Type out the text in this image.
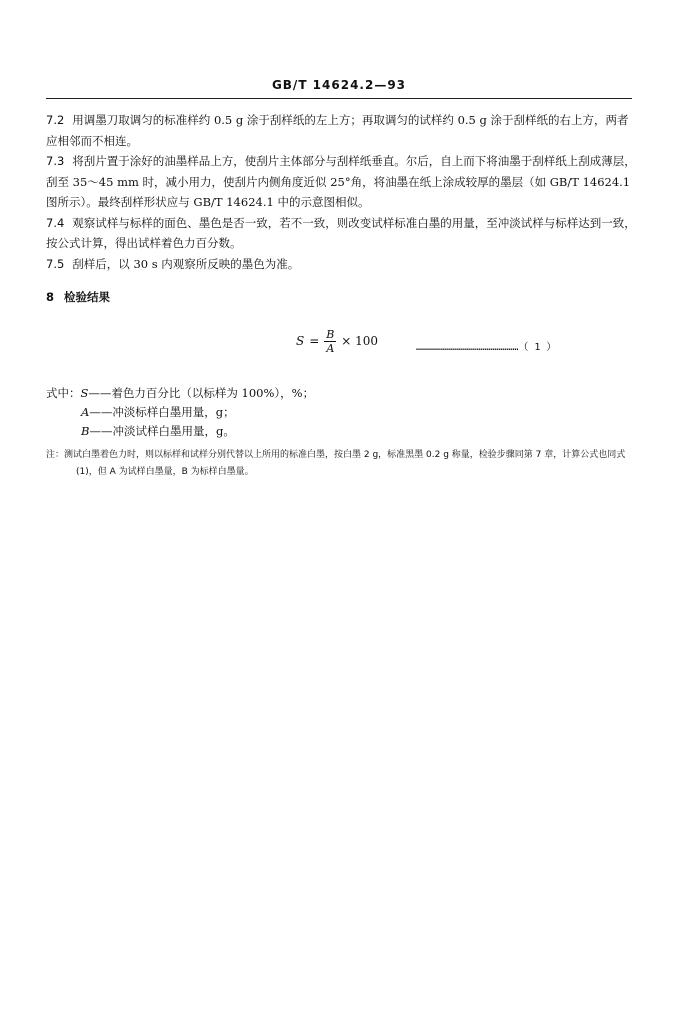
GB/T 14624.2—93

7.2 用调墨刀取调匀的标准样约 0.5 g 涂于刮样纸的左上方；再取调匀的试样约 0.5 g 涂于刮样纸的右上方，两者应相邻而不相连。

7.3 将刮片置于涂好的油墨样品上方，使刮片主体部分与刮样纸垂直。尔后，自上而下将油墨于刮样纸上刮成薄层，刮至 35～45 mm 时，减小用力，使刮片内侧角度近似 25°角，将油墨在纸上涂成较厚的墨层（如 GB/T 14624.1 图所示）。最终刮样形状应与 GB/T 14624.1 中的示意图相似。

7.4 观察试样与标样的面色、墨色是否一致，若不一致，则改变试样标准白墨的用量，至冲淡试样与标样达到一致，按公式计算，得出试样着色力百分数。

7.5 刮样后，以 30 s 内观察所反映的墨色为准。

8 检验结果
$S = \frac{B}{A} \times 100$	……………………………………………（ 1 ）

式中：S——着色力百分比（以标样为 100%），%；

A——冲淡标样白墨用量，g；

B——冲淡试样白墨用量，g。

注：测试白墨着色力时，则以标样和试样分别代替以上所用的标准白墨，按白墨 2 g，标准黑墨 0.2 g 称量，检验步骤同第 7 章，计算公式也同式(1)，但 A 为试样白墨量，B 为标样白墨量。
